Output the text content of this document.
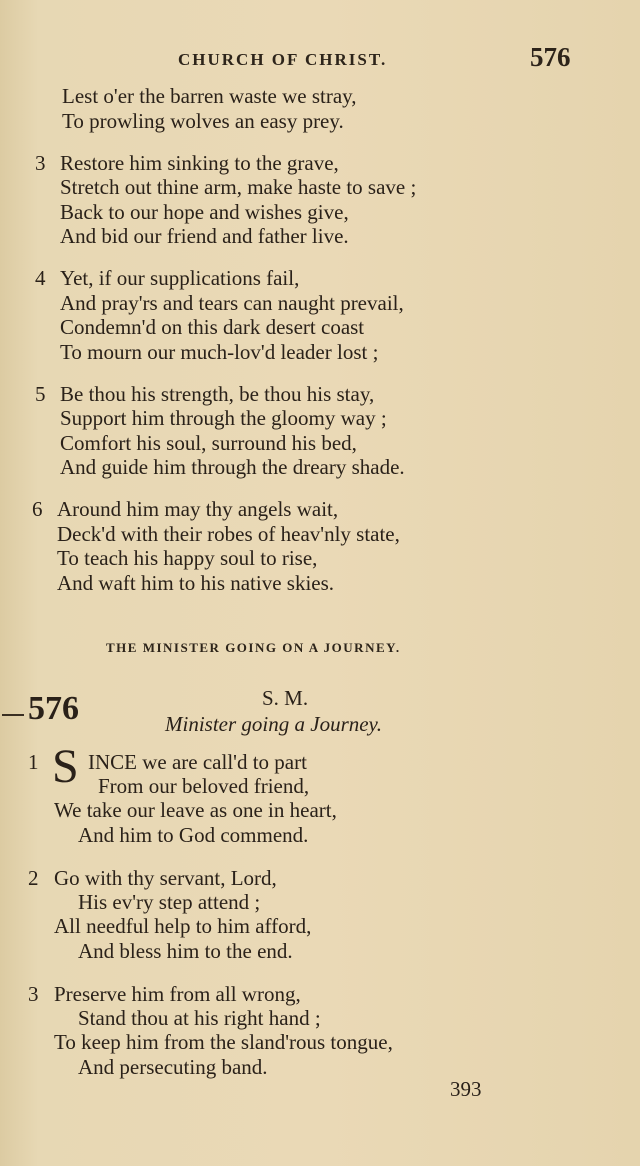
CHURCH OF CHRIST.	576
Lest o'er the barren waste we stray,
To prowling wolves an easy prey.
3 Restore him sinking to the grave,
Stretch out thine arm, make haste to save ;
Back to our hope and wishes give,
And bid our friend and father live.
4 Yet, if our supplications fail,
And pray'rs and tears can naught prevail,
Condemn'd on this dark desert coast
To mourn our much-lov'd leader lost ;
5 Be thou his strength, be thou his stay,
Support him through the gloomy way ;
Comfort his soul, surround his bed,
And guide him through the dreary shade.
6 Around him may thy angels wait,
Deck'd with their robes of heav'nly state,
To teach his happy soul to rise,
And waft him to his native skies.
THE MINISTER GOING ON A JOURNEY.
576	S. M.
Minister going a Journey.
1 S INCE we are call'd to part
From our beloved friend,
We take our leave as one in heart,
And him to God commend.
2 Go with thy servant, Lord,
His ev'ry step attend ;
All needful help to him afford,
And bless him to the end.
3 Preserve him from all wrong,
Stand thou at his right hand ;
To keep him from the sland'rous tongue,
And persecuting band.
393
